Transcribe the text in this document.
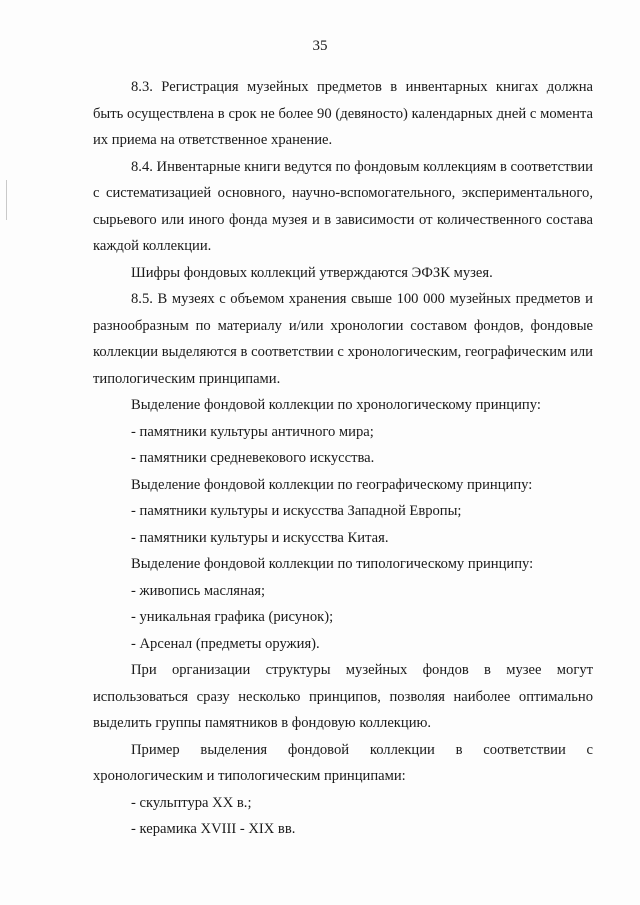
35

8.3. Регистрация музейных предметов в инвентарных книгах должна быть осуществлена в срок не более 90 (девяносто) календарных дней с момента их приема на ответственное хранение.

8.4. Инвентарные книги ведутся по фондовым коллекциям в соответствии с систематизацией основного, научно-вспомогательного, экспериментального, сырьевого или иного фонда музея и в зависимости от количественного состава каждой коллекции.

Шифры фондовых коллекций утверждаются ЭФЗК музея.

8.5. В музеях с объемом хранения свыше 100 000 музейных предметов и разнообразным по материалу и/или хронологии составом фондов, фондовые коллекции выделяются в соответствии с хронологическим, географическим или типологическим принципами.

Выделение фондовой коллекции по хронологическому принципу:

- памятники культуры античного мира;

- памятники средневекового искусства.

Выделение фондовой коллекции по географическому принципу:

- памятники культуры и искусства Западной Европы;

- памятники культуры и искусства Китая.

Выделение фондовой коллекции по типологическому принципу:

- живопись масляная;

- уникальная графика (рисунок);

- Арсенал (предметы оружия).

При организации структуры музейных фондов в музее могут использоваться сразу несколько принципов, позволяя наиболее оптимально выделить группы памятников в фондовую коллекцию.

Пример выделения фондовой коллекции в соответствии с хронологическим и типологическим принципами:

- скульптура XX в.;

- керамика XVIII - XIX вв.
